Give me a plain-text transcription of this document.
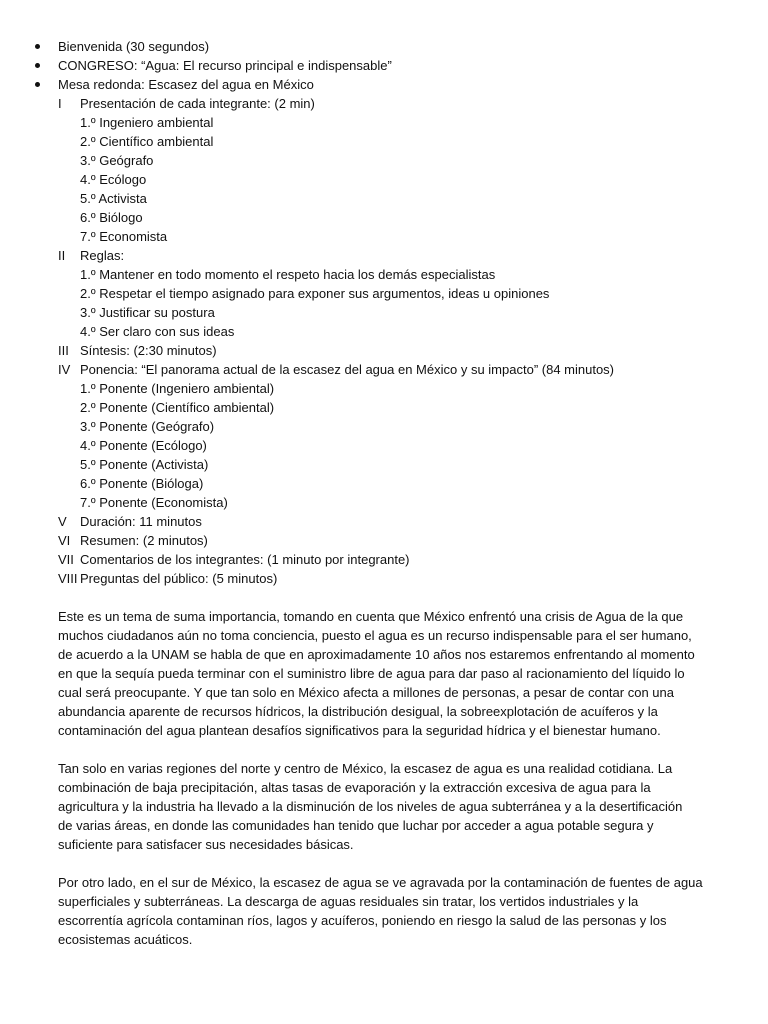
Bienvenida (30 segundos)
CONGRESO: “Agua: El recurso principal e indispensable”
Mesa redonda: Escasez del agua en México
I Presentación de cada integrante: (2 min)
1.º Ingeniero ambiental
2.º Científico ambiental
3.º Geógrafo
4.º Ecólogo
5.º Activista
6.º Biólogo
7.º Economista
II Reglas:
1.º Mantener en todo momento el respeto hacia los demás especialistas
2.º Respetar el tiempo asignado para exponer sus argumentos, ideas u opiniones
3.º Justificar su postura
4.º Ser claro con sus ideas
III Síntesis: (2:30 minutos)
IV Ponencia: “El panorama actual de la escasez del agua en México y su impacto” (84 minutos)
1.º Ponente (Ingeniero ambiental)
2.º Ponente (Científico ambiental)
3.º Ponente (Geógrafo)
4.º Ponente (Ecólogo)
5.º Ponente (Activista)
6.º Ponente (Bióloga)
7.º Ponente (Economista)
V Duración: 11 minutos
VI Resumen: (2 minutos)
VII Comentarios de los integrantes: (1 minuto por integrante)
VIII Preguntas del público: (5 minutos)

Este es un tema de suma importancia, tomando en cuenta que México enfrentó una crisis de Agua de la que
muchos ciudadanos aún no toma conciencia, puesto el agua es un recurso indispensable para el ser humano,
de acuerdo a la UNAM se habla de que en aproximadamente 10 años nos estaremos enfrentando al momento
en que la sequía pueda terminar con el suministro libre de agua para dar paso al racionamiento del líquido lo
cual será preocupante. Y que tan solo en México afecta a millones de personas, a pesar de contar con una
abundancia aparente de recursos hídricos, la distribución desigual, la sobreexplotación de acuíferos y la
contaminación del agua plantean desafíos significativos para la seguridad hídrica y el bienestar humano.

Tan solo en varias regiones del norte y centro de México, la escasez de agua es una realidad cotidiana. La
combinación de baja precipitación, altas tasas de evaporación y la extracción excesiva de agua para la
agricultura y la industria ha llevado a la disminución de los niveles de agua subterránea y a la desertificación
de varias áreas, en donde las comunidades han tenido que luchar por acceder a agua potable segura y
suficiente para satisfacer sus necesidades básicas.

Por otro lado, en el sur de México, la escasez de agua se ve agravada por la contaminación de fuentes de agua
superficiales y subterráneas. La descarga de aguas residuales sin tratar, los vertidos industriales y la
escorrentía agrícola contaminan ríos, lagos y acuíferos, poniendo en riesgo la salud de las personas y los
ecosistemas acuáticos.
